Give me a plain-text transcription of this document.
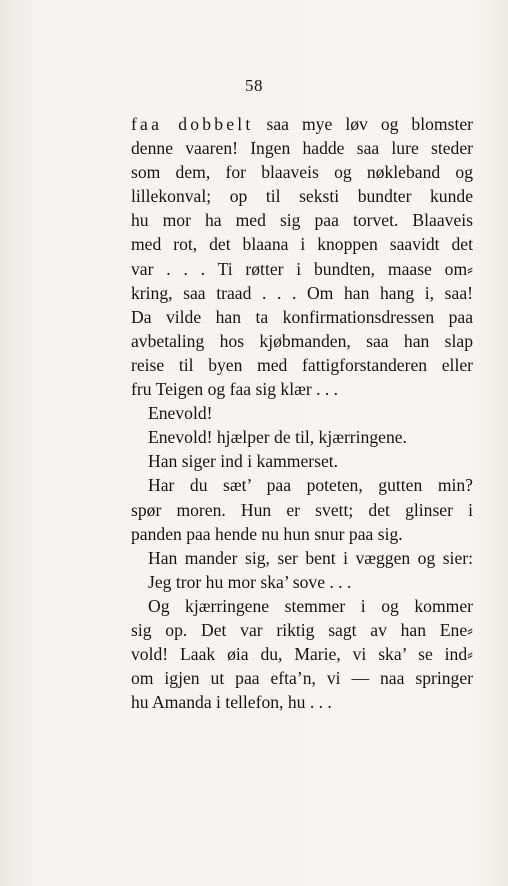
58
faa dobbelt saa mye løv og blomster
denne vaaren! Ingen hadde saa lure steder
som dem, for blaaveis og nøkleband og
lillekonval; op til seksti bundter kunde
hu mor ha med sig paa torvet. Blaaveis
med rot, det blaana i knoppen saavidt det
var . . . Ti røtter i bundten, maase om⸗
kring, saa traad . . . Om han hang i, saa!
Da vilde han ta konfirmationsdressen paa
avbetaling hos kjøbmanden, saa han slap
reise til byen med fattigforstanderen eller
fru Teigen og faa sig klær . . .
Enevold!
Enevold! hjælper de til, kjærringene.
Han siger ind i kammerset.
Har du sæt’ paa poteten, gutten min?
spør moren. Hun er svett; det glinser i
panden paa hende nu hun snur paa sig.
Han mander sig, ser bent i væggen og sier:
Jeg tror hu mor ska’ sove . . .
Og kjærringene stemmer i og kommer
sig op. Det var riktig sagt av han Ene⸗
vold! Laak øia du, Marie, vi ska’ se ind⸗
om igjen ut paa efta’n, vi — naa springer
hu Amanda i tellefon, hu . . .
